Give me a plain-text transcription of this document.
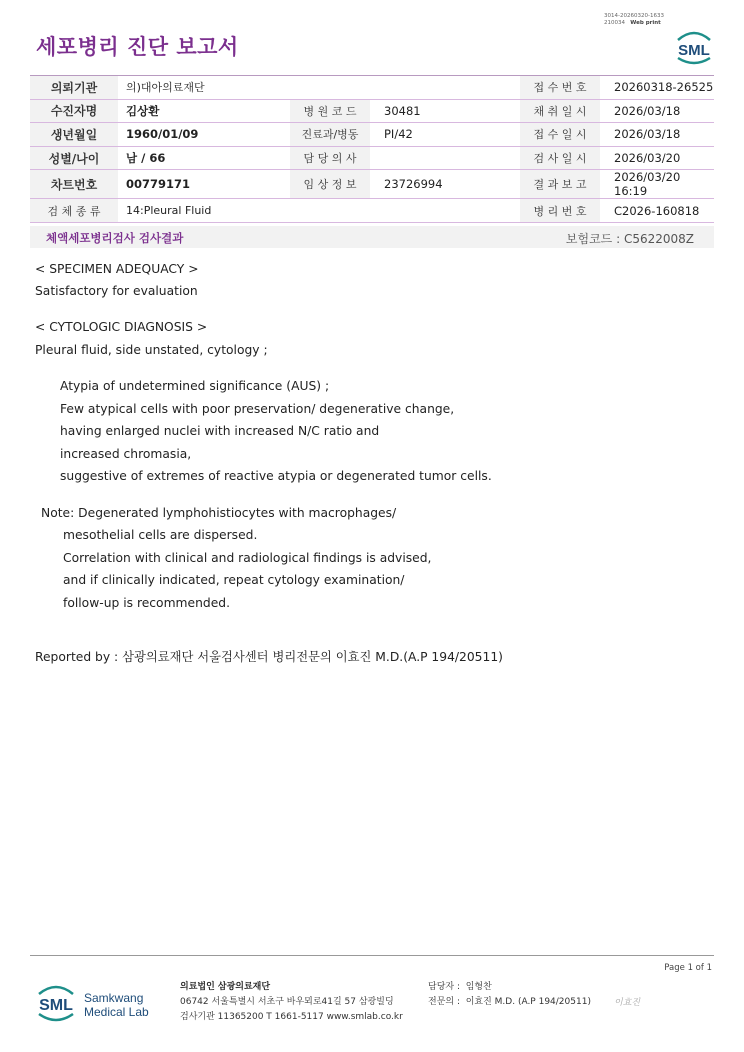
세포병리 진단 보고서
3014-20260320-1633
210034 Web print
SML
의뢰기관	의)대아의료재단			접 수 번 호	20260318-26525
수진자명	김상환	병 원 코 드	30481	채 취 일 시	2026/03/18
생년월일	1960/01/09	진료과/병동	PI/42	접 수 일 시	2026/03/18
성별/나이	남 / 66	담 당 의 사		검 사 일 시	2026/03/20
차트번호	00779171	임 상 정 보	23726994	결 과 보 고	2026/03/20 16:19
검 체 종 류	14:Pleural Fluid			병 리 번 호	C2026-160818
체액세포병리검사 검사결과	보험코드 : C5622008Z
< SPECIMEN ADEQUACY >
Satisfactory for evaluation
< CYTOLOGIC DIAGNOSIS >
Pleural fluid, side unstated, cytology ;
Atypia of undetermined significance (AUS) ;
Few atypical cells with poor preservation/ degenerative change,
having enlarged nuclei with increased N/C ratio and
increased chromasia,
suggestive of extremes of reactive atypia or degenerated tumor cells.
Note: Degenerated lymphohistiocytes with macrophages/
mesothelial cells are dispersed.
Correlation with clinical and radiological findings is advised,
and if clinically indicated, repeat cytology examination/
follow-up is recommended.
Reported by : 삼광의료재단 서울검사센터 병리전문의 이효진 M.D.(A.P 194/20511)
Page 1 of 1
SML Samkwang
Medical Lab
의료법인 삼광의료재단
06742 서울특별시 서초구 바우뫼로41길 57 삼광빌딩
검사기관 11365200 T 1661-5117 www.smlab.co.kr
담당자 : 임형찬
전문의 : 이효진 M.D. (A.P 194/20511)	이효진
